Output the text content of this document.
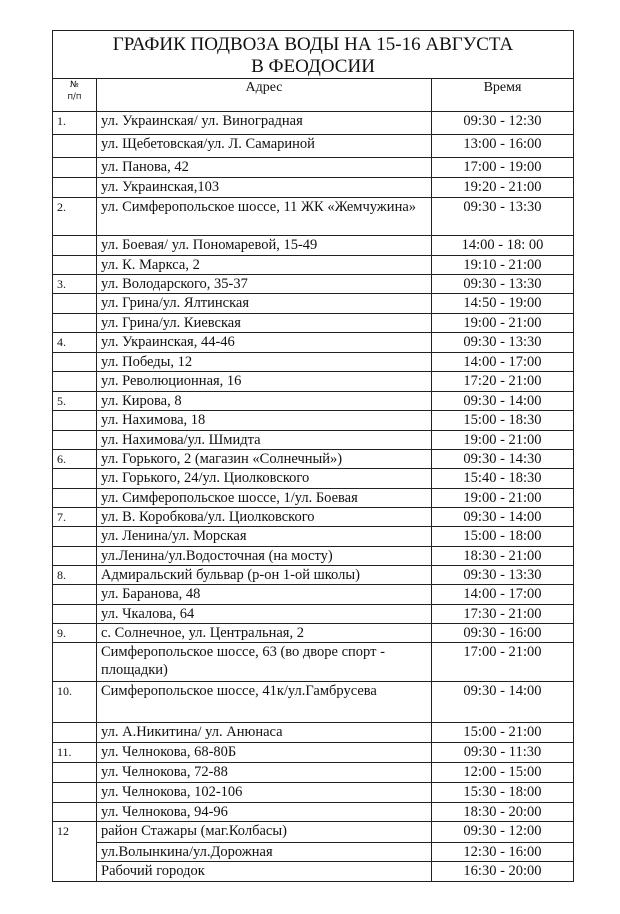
ГРАФИК ПОДВОЗА ВОДЫ НА 15-16 АВГУСТА
В ФЕОДОСИИ
№
п/п	Адрес	Время
1.	ул. Украинская/ ул. Виноградная	09:30 - 12:30
	ул. Щебетовская/ул. Л. Самариной	13:00 - 16:00
	ул. Панова, 42	17:00 - 19:00
	ул. Украинская,103	19:20 - 21:00
2.	ул. Симферопольское шоссе, 11 ЖК «Жемчужина»	09:30 - 13:30
	ул. Боевая/ ул. Пономаревой, 15-49	14:00 - 18: 00
	ул. К. Маркса, 2	19:10 - 21:00
3.	ул. Володарского, 35-37	09:30 - 13:30
	ул. Грина/ул. Ялтинская	14:50 - 19:00
	ул. Грина/ул. Киевская	19:00 - 21:00
4.	ул. Украинская, 44-46	09:30 - 13:30
	ул. Победы, 12	14:00 - 17:00
	ул. Революционная, 16	17:20 - 21:00
5.	ул. Кирова, 8	09:30 - 14:00
	ул. Нахимова, 18	15:00 - 18:30
	ул. Нахимова/ул. Шмидта	19:00 - 21:00
6.	ул. Горького, 2 (магазин «Солнечный»)	09:30 - 14:30
	ул. Горького, 24/ул. Циолковского	15:40 - 18:30
	ул. Симферопольское шоссе, 1/ул. Боевая	19:00 - 21:00
7.	ул. В. Коробкова/ул. Циолковского	09:30 - 14:00
	ул. Ленина/ул. Морская	15:00 - 18:00
	ул.Ленина/ул.Водосточная (на мосту)	18:30 - 21:00
8.	Адмиральский бульвар (р-он 1-ой школы)	09:30 - 13:30
	ул. Баранова, 48	14:00 - 17:00
	ул. Чкалова, 64	17:30 - 21:00
9.	с. Солнечное, ул. Центральная, 2	09:30 - 16:00
	Симферопольское шоссе, 63 (во дворе спорт - площадки)	17:00 - 21:00
10.	Симферопольское шоссе, 41к/ул.Гамбрусева	09:30 - 14:00
	ул. А.Никитина/ ул. Анюнаса	15:00 - 21:00
11.	ул. Челнокова, 68-80Б	09:30 - 11:30
	ул. Челнокова, 72-88	12:00 - 15:00
	ул. Челнокова, 102-106	15:30 - 18:00
	ул. Челнокова, 94-96	18:30 - 20:00
12	район Стажары (маг.Колбасы)	09:30 - 12:00
	ул.Волынкина/ул.Дорожная	12:30 - 16:00
	Рабочий городок	16:30 - 20:00
